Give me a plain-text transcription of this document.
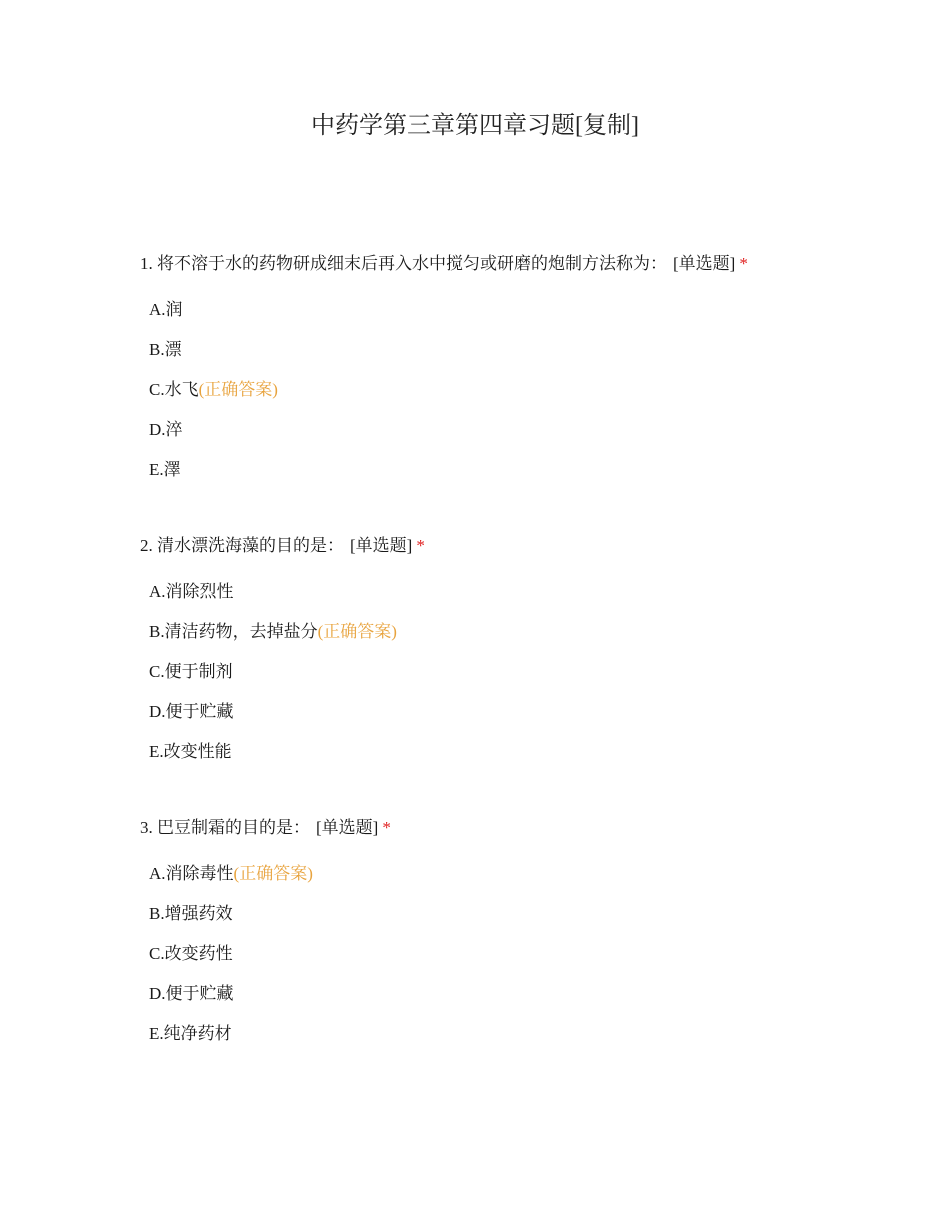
中药学第三章第四章习题[复制]
1. 将不溶于水的药物研成细末后再入水中搅匀或研磨的炮制方法称为： [单选题] *
A.润
B.漂
C.水飞(正确答案)
D.淬
E.澤
2. 清水漂洗海藻的目的是： [单选题] *
A.消除烈性
B.清洁药物，去掉盐分(正确答案)
C.便于制剂
D.便于贮藏
E.改变性能
3. 巴豆制霜的目的是： [单选题] *
A.消除毒性(正确答案)
B.增强药效
C.改变药性
D.便于贮藏
E.纯净药材
